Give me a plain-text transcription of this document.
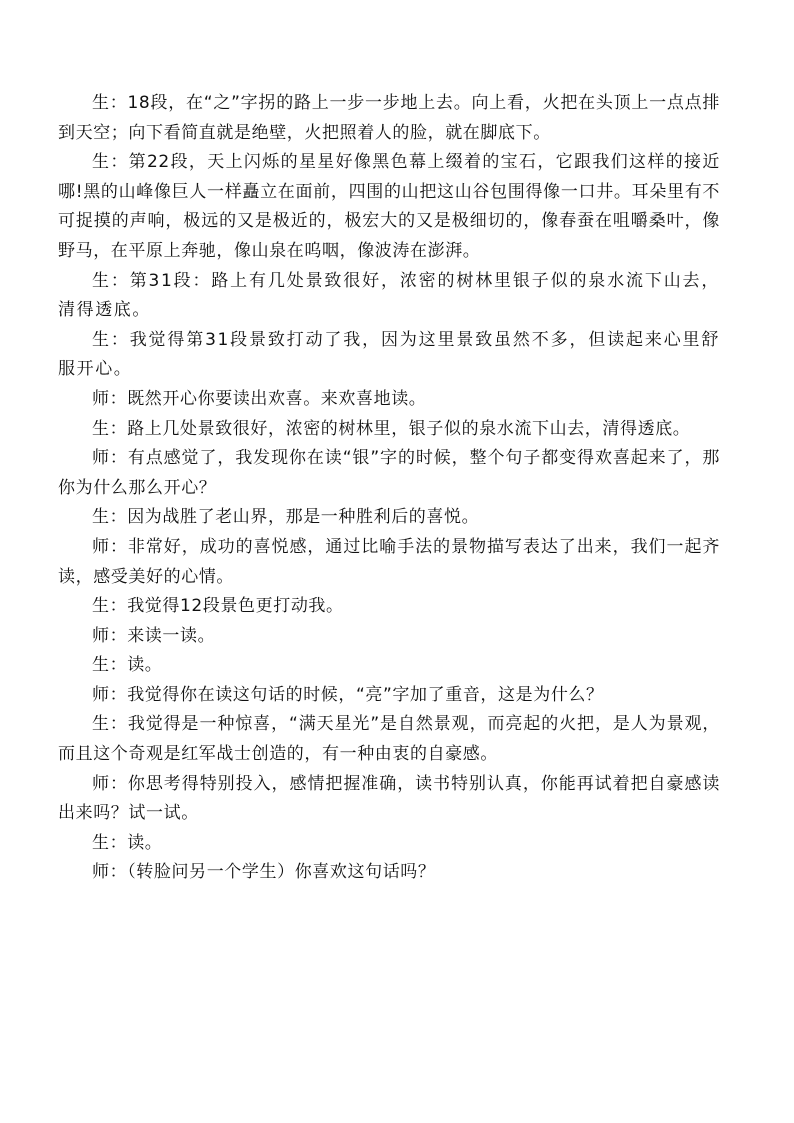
生：18段，在“之”字拐的路上一步一步地上去。向上看，火把在头顶上一点点排到天空；向下看简直就是绝壁，火把照着人的脸，就在脚底下。

生：第22段，天上闪烁的星星好像黑色幕上缀着的宝石，它跟我们这样的接近哪!黑的山峰像巨人一样矗立在面前，四围的山把这山谷包围得像一口井。耳朵里有不可捉摸的声响，极远的又是极近的，极宏大的又是极细切的，像春蚕在咀嚼桑叶，像野马，在平原上奔驰，像山泉在呜咽，像波涛在澎湃。

生：第31段：路上有几处景致很好，浓密的树林里银子似的泉水流下山去，清得透底。

生：我觉得第31段景致打动了我，因为这里景致虽然不多，但读起来心里舒服开心。

师：既然开心你要读出欢喜。来欢喜地读。

生：路上几处景致很好，浓密的树林里，银子似的泉水流下山去，清得透底。

师：有点感觉了，我发现你在读“银”字的时候，整个句子都变得欢喜起来了，那你为什么那么开心？

生：因为战胜了老山界，那是一种胜利后的喜悦。

师：非常好，成功的喜悦感，通过比喻手法的景物描写表达了出来，我们一起齐读，感受美好的心情。

生：我觉得12段景色更打动我。

师：来读一读。

生：读。

师：我觉得你在读这句话的时候，“亮”字加了重音，这是为什么？

生：我觉得是一种惊喜，“满天星光”是自然景观，而亮起的火把，是人为景观，而且这个奇观是红军战士创造的，有一种由衷的自豪感。

师：你思考得特别投入，感情把握准确，读书特别认真，你能再试着把自豪感读出来吗？试一试。

生：读。

师：（转脸问另一个学生）你喜欢这句话吗？
